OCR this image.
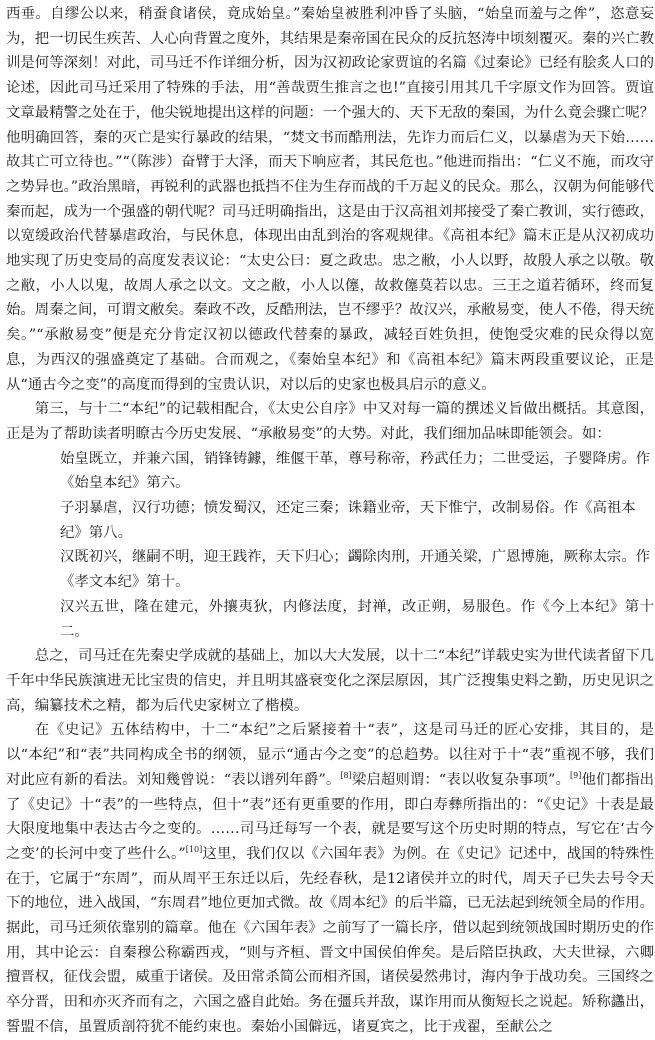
西垂。自缪公以来，稍蚕食诸侯，竟成始皇。”秦始皇被胜利冲昏了头脑，“始皇而羞与之侔”，恣意妄为，把一切民生疾苦、人心向背置之度外，其结果是秦帝国在民众的反抗怒涛中顷刻覆灭。秦的兴亡教训是何等深刻！对此，司马迁不作详细分析，因为汉初政论家贾谊的名篇《过秦论》已经有脍炙人口的论述，因此司马迁采用了特殊的手法，用“善哉贾生推言之也!”直接引用其几千字原文作为回答。贾谊文章最精警之处在于，他尖锐地提出这样的问题：一个强大的、天下无敌的秦国，为什么竟会骤亡呢？他明确回答，秦的灭亡是实行暴政的结果，“焚文书而酷刑法，先诈力而后仁义，以暴虐为天下始……故其亡可立待也。”“（陈涉）奋臂于大泽，而天下响应者，其民危也。”他进而指出：“仁义不施，而攻守之势异也。”政治黑暗，再锐利的武器也抵挡不住为生存而战的千万起义的民众。那么，汉朝为何能够代秦而起，成为一个强盛的朝代呢？司马迁明确指出，这是由于汉高祖刘邦接受了秦亡教训，实行德政，以宽缓政治代替暴虐政治，与民休息，体现出由乱到治的客观规律。《高祖本纪》篇末正是从汉初成功地实现了历史变局的高度发表议论：“太史公曰：夏之政忠。忠之敝，小人以野，故殷人承之以敬。敬之敝，小人以鬼，故周人承之以文。文之敝，小人以僿，故救僿莫若以忠。三王之道若循环，终而复始。周秦之间，可谓文敝矣。秦政不改，反酷刑法，岂不缪乎？故汉兴，承敝易变，使人不倦，得天统矣。”“承敝易变”便是充分肯定汉初以德政代替秦的暴政，减轻百姓负担，使饱受灾难的民众得以宽息，为西汉的强盛奠定了基础。合而观之，《秦始皇本纪》和《高祖本纪》篇末两段重要议论，正是从“通古今之变”的高度而得到的宝贵认识，对以后的史家也极具启示的意义。

第三，与十二“本纪”的记载相配合，《太史公自序》中又对每一篇的撰述义旨做出概括。其意图，正是为了帮助读者明瞭古今历史发展、“承敝易变”的大势。对此，我们细加品味即能领会。如：

始皇既立，并兼六国，销锋铸鐻，维偃干革，尊号称帝，矜武任力；二世受运，子婴降虏。作
《始皇本纪》第六。
子羽暴虐，汉行功德；愤发蜀汉，还定三秦；诛籍业帝，天下惟宁，改制易俗。作《高祖本
纪》第八。
汉既初兴，继嗣不明，迎王践祚，天下归心；蠲除肉刑，开通关梁，广恩博施，厥称太宗。作
《孝文本纪》第十。
汉兴五世，隆在建元，外攘夷狄，内修法度，封禅，改正朔，易服色。作《今上本纪》第十二。

总之，司马迁在先秦史学成就的基础上，加以大大发展，以十二“本纪”详载史实为世代读者留下几千年中华民族演进无比宝贵的信史，并且明其盛衰变化之深层原因，其广泛搜集史料之勤，历史见识之高，编纂技术之精，都为后代史家树立了楷模。

在《史记》五体结构中，十二“本纪”之后紧接着十“表”，这是司马迁的匠心安排，其目的，是以“本纪”和“表”共同构成全书的纲领，显示“通古今之变”的总趋势。以往对于十“表”重视不够，我们对此应有新的看法。刘知幾曾说：“表以谱列年爵”。[8]梁启超则谓：“表以收复杂事项”。[9]他们都指出了《史记》十“表”的一些特点，但十“表”还有更重要的作用，即白寿彝所指出的：“《史记》十表是最大限度地集中表达古今之变的。……司马迁每写一个表，就是要写这个历史时期的特点，写它在‘古今之变’的长河中变了些什么。”[10]这里，我们仅以《六国年表》为例。在《史记》记述中，战国的特殊性在于，它属于“东周”，而从周平王东迁以后，先经春秋，是12诸侯并立的时代，周天子已失去号令天下的地位，进入战国，“东周君”地位更加式微。故《周本纪》的后半篇，已无法起到统领全局的作用。据此，司马迁须依靠别的篇章。他在《六国年表》之前写了一篇长序，借以起到统领战国时期历史的作用，其中论云：自秦穆公称霸西戎，“则与齐桓、晋文中国侯伯侔矣。是后陪臣执政，大夫世禄，六卿擅晋权，征伐会盟，威重于诸侯。及田常杀简公而相齐国，诸侯晏然弗讨，海内争于战功矣。三国终之卒分晋，田和亦灭齐而有之，六国之盛自此始。务在彊兵并敌，谋诈用而从衡短长之说起。矫称蠭出，誓盟不信，虽置质剖符犹不能约束也。秦始小国僻远，诸夏宾之，比于戎翟，至献公之
